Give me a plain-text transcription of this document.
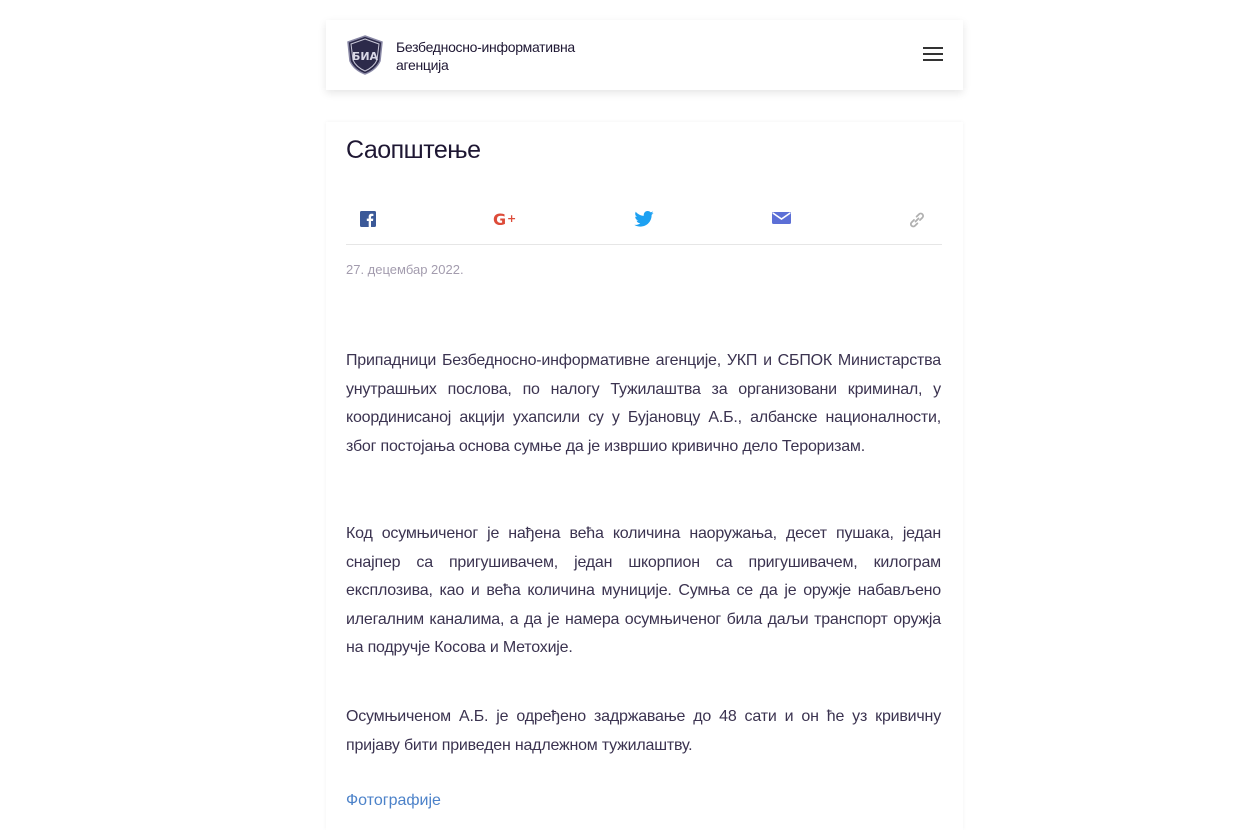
БИА
Безбедносно-информативна
агенција
Саопштење
G +
27. децембар 2022.

Припадници Безбедносно-информативне агенције, УКП и СБПОК Министарства унутрашњих послова, по налогу Тужилаштва за организовани криминал, у координисаној акцији ухапсили су у Бујановцу А.Б., албанске националности, због постојања основа сумње да је извршио кривично дело Тероризам.

Код осумњиченог је нађена већа количина наоружања, десет пушака, један снајпер са пригушивачем, један шкорпион са пригушивачем, килограм експлозива, као и већа количина муниције. Сумња се да је оружје набављено илегалним каналима, а да је намера осумњиченог била даљи транспорт оружја на подручје Косова и Метохије.

Осумњиченом А.Б. је одређено задржавање до 48 сати и он ће уз кривичну пријаву бити приведен надлежном тужилаштву.

Фотографије
